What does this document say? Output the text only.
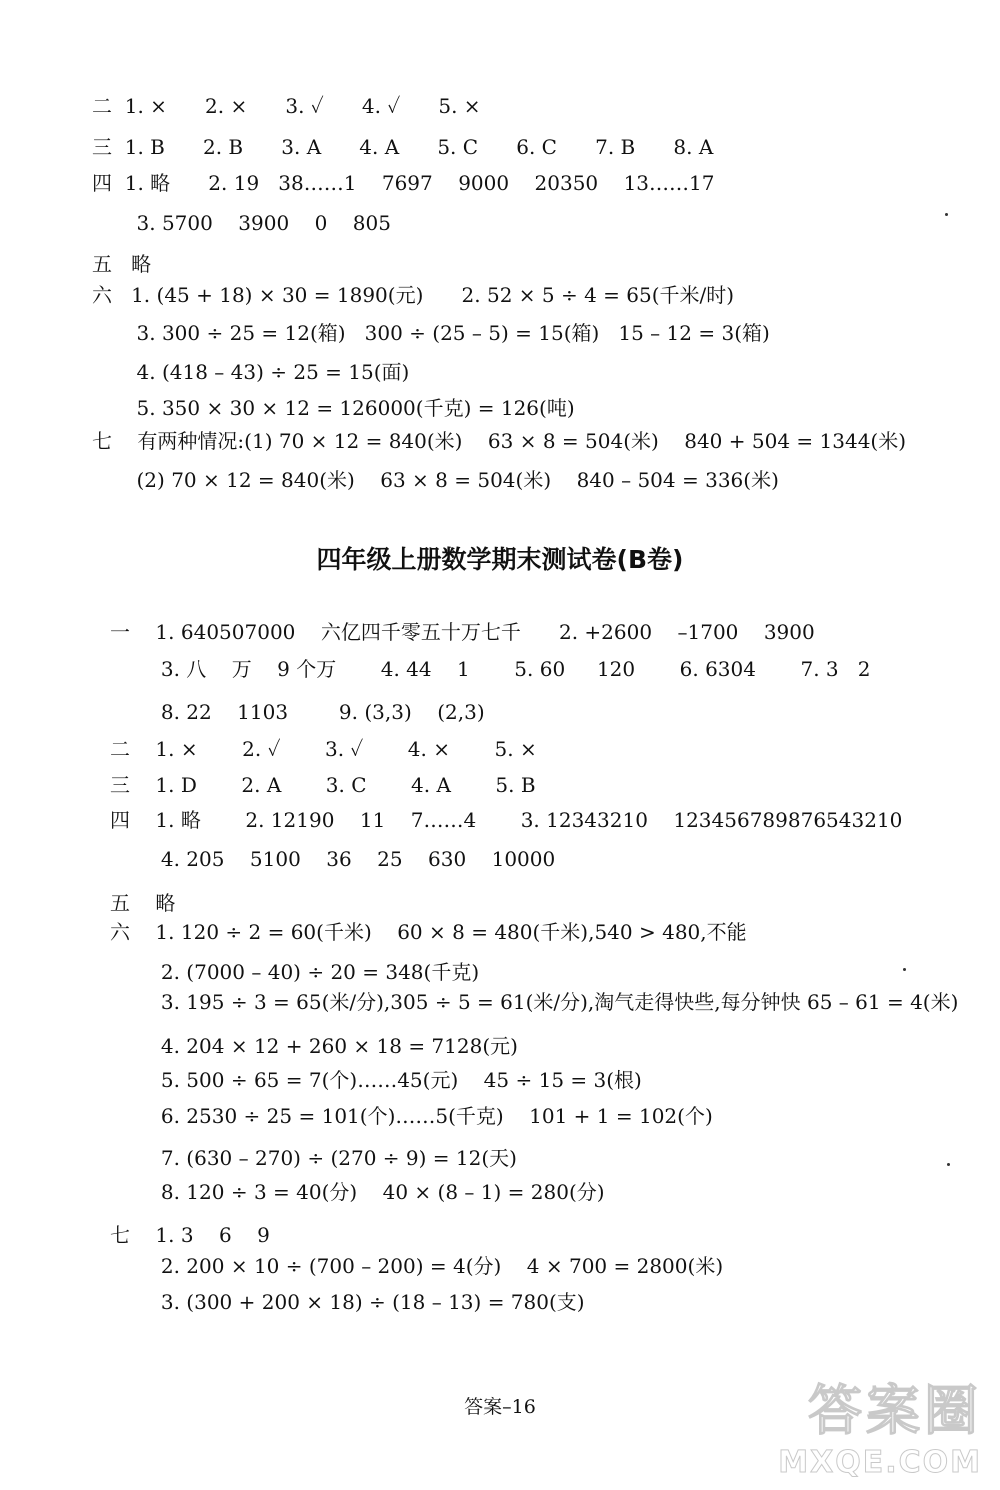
二  1. ×      2. ×      3. ✓      4. ✓      5. ×
三  1. B      2. B      3. A      4. A      5. C      6. C      7. B      8. A
四  1. 略      2. 19   38……1    7697    9000    20350    13……17
3. 5700    3900    0    805
五   略
六   1. (45 + 18) × 30 = 1890(元)      2. 52 × 5 ÷ 4 = 65(千米/时)
3. 300 ÷ 25 = 12(箱)   300 ÷ (25 – 5) = 15(箱)   15 – 12 = 3(箱)
4. (418 – 43) ÷ 25 = 15(面)
5. 350 × 30 × 12 = 126000(千克) = 126(吨)
七    有两种情况:(1) 70 × 12 = 840(米)    63 × 8 = 504(米)    840 + 504 = 1344(米)
(2) 70 × 12 = 840(米)    63 × 8 = 504(米)    840 – 504 = 336(米)
四年级上册数学期末测试卷(B卷)
一    1. 640507000    六亿四千零五十万七千      2. +2600    –1700    3900
3. 八    万    9 个万       4. 44    1       5. 60     120       6. 6304       7. 3   2
8. 22    1103        9. (3,3)    (2,3)
二    1. ×       2. ✓       3. ✓       4. ×       5. ×
三    1. D       2. A       3. C       4. A       5. B
四    1. 略       2. 12190    11    7……4       3. 12343210    12345678987654321​0
4. 205    5100    36    25    630    10000
五    略
六    1. 120 ÷ 2 = 60(千米)    60 × 8 = 480(千米),540 > 480,不能
2. (7000 – 40) ÷ 20 = 348(千克)
3. 195 ÷ 3 = 65(米/分),305 ÷ 5 = 61(米/分),淘气走得快些,每分钟快 65 – 61 = 4(米)
4. 204 × 12 + 260 × 18 = 7128(元)
5. 500 ÷ 65 = 7(个)……45(元)    45 ÷ 15 = 3(根)
6. 2530 ÷ 25 = 101(个)……5(千克)    101 + 1 = 102(个)
7. (630 – 270) ÷ (270 ÷ 9) = 12(天)
8. 120 ÷ 3 = 40(分)    40 × (8 – 1) = 280(分)
七    1. 3    6    9
2. 200 × 10 ÷ (700 – 200) = 4(分)    4 × 700 = 2800(米)
3. (300 + 200 × 18) ÷ (18 – 13) = 780(支)
答案–16	答案圈
MXQE.COM
